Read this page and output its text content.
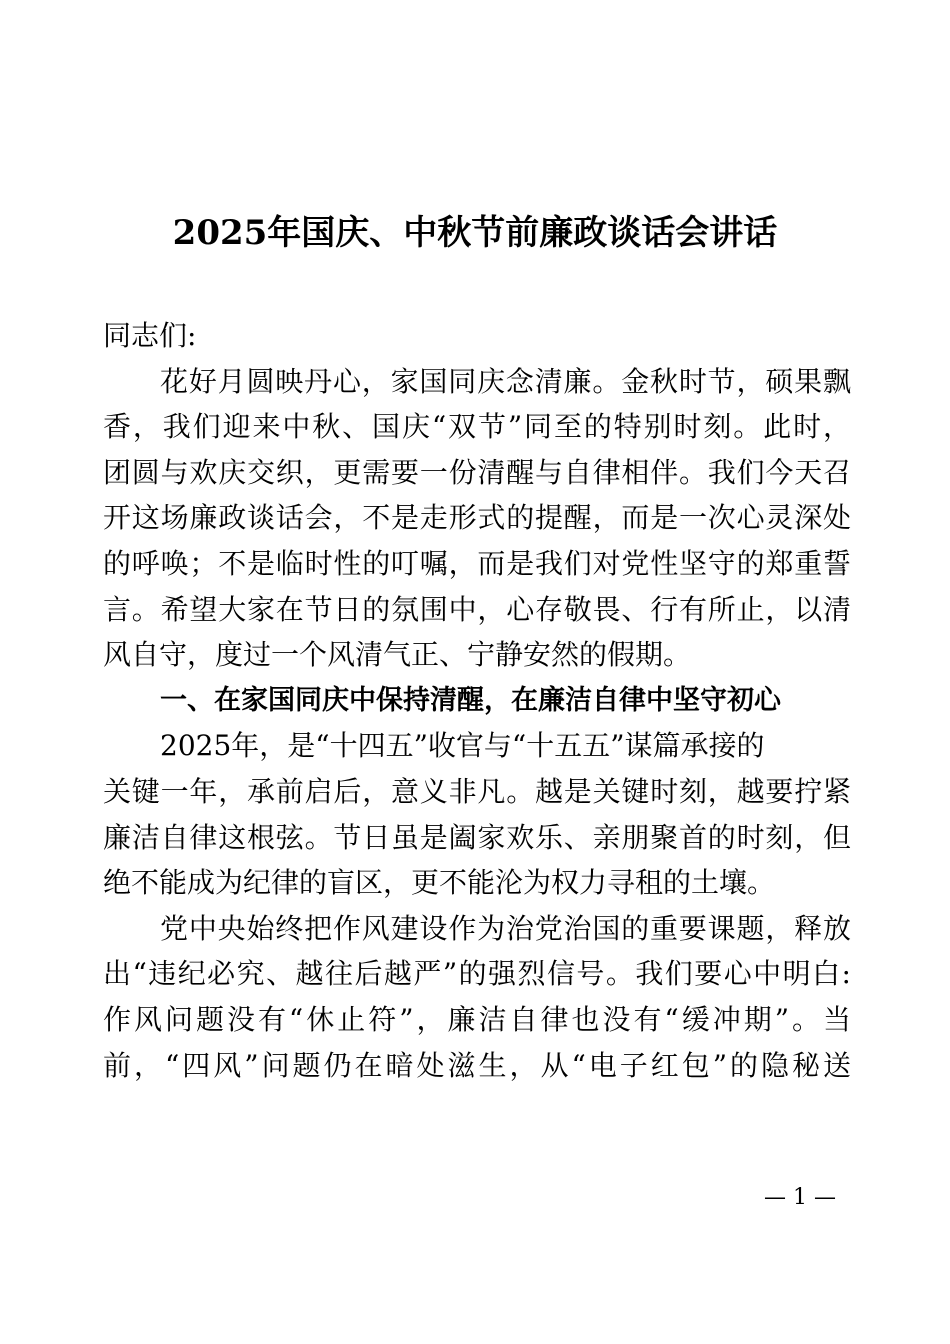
2025年国庆、中秋节前廉政谈话会讲话
同志们:
花好月圆映丹心，家国同庆念清廉。金秋时节，硕果飘
香，我们迎来中秋、国庆“双节”同至的特别时刻。此时，
团圆与欢庆交织，更需要一份清醒与自律相伴。我们今天召
开这场廉政谈话会，不是走形式的提醒，而是一次心灵深处
的呼唤；不是临时性的叮嘱，而是我们对党性坚守的郑重誓
言。希望大家在节日的氛围中，心存敬畏、行有所止，以清
风自守，度过一个风清气正、宁静安然的假期。
一、在家国同庆中保持清醒，在廉洁自律中坚守初心
2025年，是“十四五”收官与“十五五”谋篇承接的
关键一年，承前启后，意义非凡。越是关键时刻，越要拧紧
廉洁自律这根弦。节日虽是阖家欢乐、亲朋聚首的时刻，但
绝不能成为纪律的盲区，更不能沦为权力寻租的土壤。
党中央始终把作风建设作为治党治国的重要课题，释放
出“违纪必究、越往后越严”的强烈信号。我们要心中明白:
作风问题没有“休止符”，廉洁自律也没有“缓冲期”。当
前，“四风”问题仍在暗处滋生，从“电子红包”的隐秘送
— 1 —
